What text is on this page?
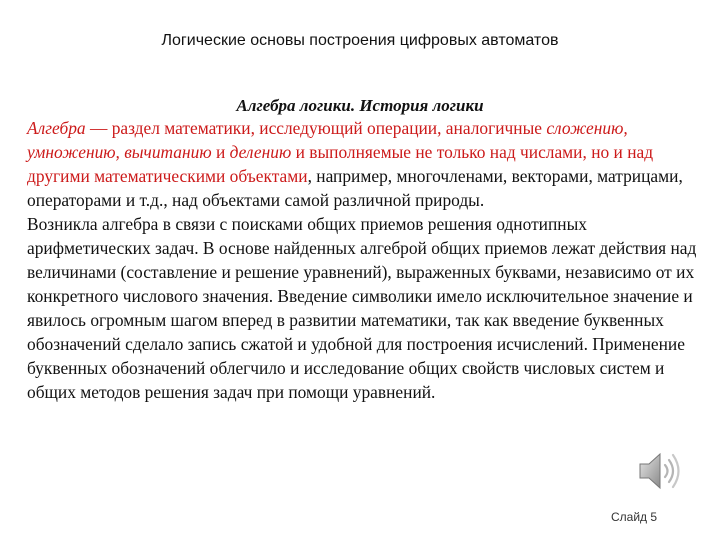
Логические основы построения цифровых автоматов
Алгебра логики. История логики

Алгебра — раздел математики, исследующий операции, аналогичные сложению, умножению, вычитанию и делению и выполняемые не только над числами, но и над другими математическими объектами, например, многочленами, векторами, матрицами, операторами и т.д., над объектами самой различной природы.

Возникла алгебра в связи с поисками общих приемов решения однотипных арифметических задач. В основе найденных алгеброй общих приемов лежат действия над величинами (составление и решение уравнений), выраженных буквами, независимо от их конкретного числового значения. Введение символики имело исключительное значение и явилось огромным шагом вперед в развитии математики, так как введение буквенных обозначений сделало запись сжатой и удобной для построения исчислений. Применение буквенных обозначений облегчило и исследование общих свойств числовых систем и общих методов решения задач при помощи уравнений.

Слайд 5
